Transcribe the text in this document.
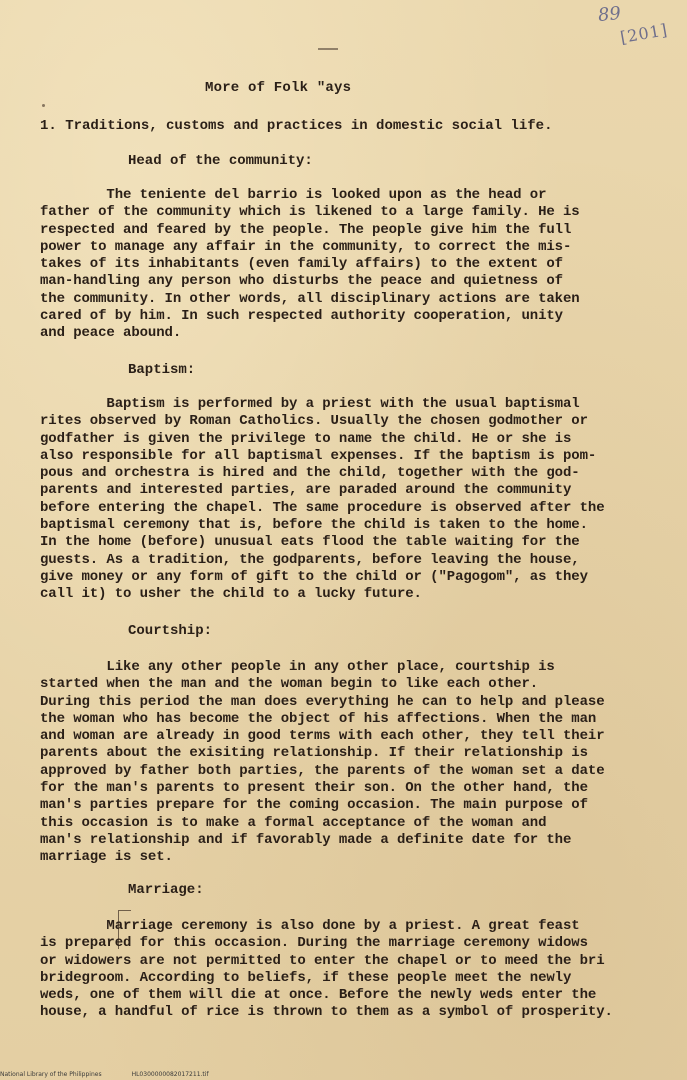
89
[201]
More of Folk "ays
1. Traditions, customs and practices in domestic social life.
Head of the community:

The teniente del barrio is looked upon as the head or
father of the community which is likened to a large family. He is
respected and feared by the people. The people give him the full
power to manage any affair in the community, to correct the mis-
takes of its inhabitants (even family affairs) to the extent of
man-handling any person who disturbs the peace and quietness of
the community. In other words, all disciplinary actions are taken
cared of by him. In such respected authority cooperation, unity
and peace abound.

Baptism:

Baptism is performed by a priest with the usual baptismal
rites observed by Roman Catholics. Usually the chosen godmother or
godfather is given the privilege to name the child. He or she is
also responsible for all baptismal expenses. If the baptism is pom-
pous and orchestra is hired and the child, together with the god-
parents and interested parties, are paraded around the community
before entering the chapel. The same procedure is observed after the
baptismal ceremony that is, before the child is taken to the home.
In the home (before) unusual eats flood the table waiting for the
guests. As a tradition, the godparents, before leaving the house,
give money or any form of gift to the child or ("Pagogom", as they
call it) to usher the child to a lucky future.

Courtship:

Like any other people in any other place, courtship is
started when the man and the woman begin to like each other.
During this period the man does everything he can to help and please
the woman who has become the object of his affections. When the man
and woman are already in good terms with each other, they tell their
parents about the exisiting relationship. If their relationship is
approved by father both parties, the parents of the woman set a date
for the man's parents to present their son. On the other hand, the
man's parties prepare for the coming occasion. The main purpose of
this occasion is to make a formal acceptance of the woman and
man's relationship and if favorably made a definite date for the
marriage is set.

Marriage:

Marriage ceremony is also done by a priest. A great feast
is prepared for this occasion. During the marriage ceremony widows
or widowers are not permitted to enter the chapel or to meed the bri
bridegroom. According to beliefs, if these people meet the newly
weds, one of them will die at once. Before the newly weds enter the
house, a handful of rice is thrown to them as a symbol of prosperity.

National Library of the Philippines	HL0300000082017211.tif
